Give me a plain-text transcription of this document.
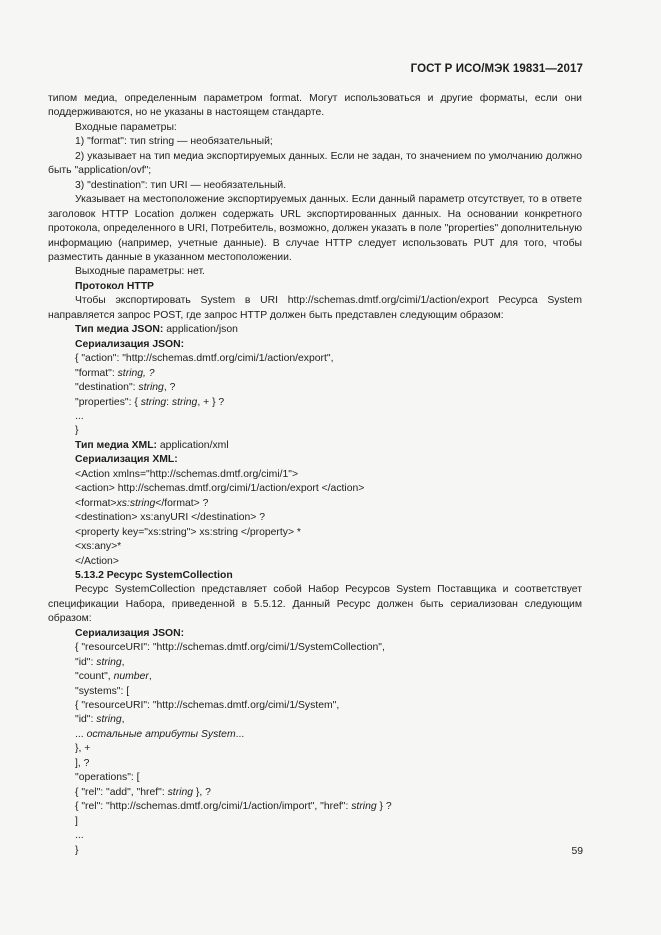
ГОСТ Р ИСО/МЭК 19831—2017

типом медиа, определенным параметром format. Могут использоваться и другие форматы, если они поддерживаются, но не указаны в настоящем стандарте.

Входные параметры:

1) "format": тип string — необязательный;

2) указывает на тип медиа экспортируемых данных. Если не задан, то значением по умолчанию должно быть "application/ovf";

3) "destination": тип URI — необязательный.

Указывает на местоположение экспортируемых данных. Если данный параметр отсутствует, то в ответе заголовок HTTP Location должен содержать URL экспортированных данных. На основании конкретного протокола, определенного в URI, Потребитель, возможно, должен указать в поле "properties" дополнительную информацию (например, учетные данные). В случае HTTP следует использовать PUT для того, чтобы разместить данные в указанном местоположении.

Выходные параметры: нет.

Протокол HTTP

Чтобы экспортировать System в URI http://schemas.dmtf.org/cimi/1/action/export Ресурса System направляется запрос POST, где запрос HTTP должен быть представлен следующим образом:

Тип медиа JSON: application/json
Сериализация JSON:
{ "action": "http://schemas.dmtf.org/cimi/1/action/export",
"format": string, ?
"destination": string, ?
"properties": { string: string, + } ?
...
}
Тип медиа XML: application/xml
Сериализация XML:
<Action xmlns="http://schemas.dmtf.org/cimi/1">
<action> http://schemas.dmtf.org/cimi/1/action/export </action>
<format>xs:string</format> ?
<destination> xs:anyURI </destination> ?
<property key="xs:string"> xs:string </property> *
<xs:any>*
</Action>

5.13.2 Ресурс SystemCollection

Ресурс SystemCollection представляет собой Набор Ресурсов System Поставщика и соответствует спецификации Набора, приведенной в 5.5.12. Данный Ресурс должен быть сериализован следующим образом:

Сериализация JSON:
{ "resourceURI": "http://schemas.dmtf.org/cimi/1/SystemCollection",
"id": string,
"count", number,
"systems": [
{ "resourceURI": "http://schemas.dmtf.org/cimi/1/System",
"id": string,
... остальные атрибуты System...
}, +
], ?
"operations": [
{ "rel": "add", "href": string }, ?
{ "rel": "http://schemas.dmtf.org/cimi/1/action/import", "href": string } ?
]
...
}	59
